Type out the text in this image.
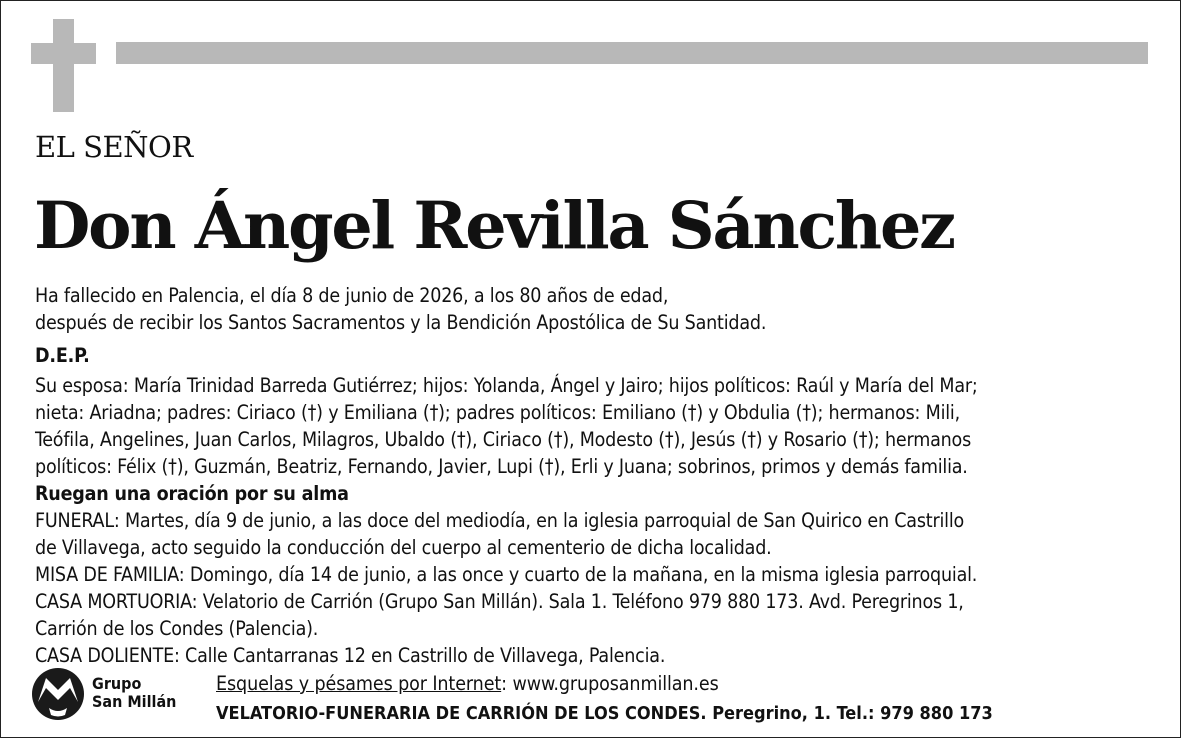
EL SEÑOR
Don Ángel Revilla Sánchez
Ha fallecido en Palencia, el día 8 de junio de 2026, a los 80 años de edad,
después de recibir los Santos Sacramentos y la Bendición Apostólica de Su Santidad.
D.E.P.
Su esposa: María Trinidad Barreda Gutiérrez; hijos: Yolanda, Ángel y Jairo; hijos políticos: Raúl y María del Mar;
nieta: Ariadna; padres: Ciriaco (†) y Emiliana (†); padres políticos: Emiliano (†) y Obdulia (†); hermanos: Mili,
Teófila, Angelines, Juan Carlos, Milagros, Ubaldo (†), Ciriaco (†), Modesto (†), Jesús (†) y Rosario (†); hermanos
políticos: Félix (†), Guzmán, Beatriz, Fernando, Javier, Lupi (†), Erli y Juana; sobrinos, primos y demás familia.
Ruegan una oración por su alma
FUNERAL: Martes, día 9 de junio, a las doce del mediodía, en la iglesia parroquial de San Quirico en Castrillo
de Villavega, acto seguido la conducción del cuerpo al cementerio de dicha localidad.
MISA DE FAMILIA: Domingo, día 14 de junio, a las once y cuarto de la mañana, en la misma iglesia parroquial.
CASA MORTUORIA: Velatorio de Carrión (Grupo San Millán). Sala 1. Teléfono 979 880 173. Avd. Peregrinos 1,
Carrión de los Condes (Palencia).
CASA DOLIENTE: Calle Cantarranas 12 en Castrillo de Villavega, Palencia.
Grupo
San Millán
Esquelas y pésames por Internet: www.gruposanmillan.es
VELATORIO-FUNERARIA DE CARRIÓN DE LOS CONDES. Peregrino, 1. Tel.: 979 880 173
